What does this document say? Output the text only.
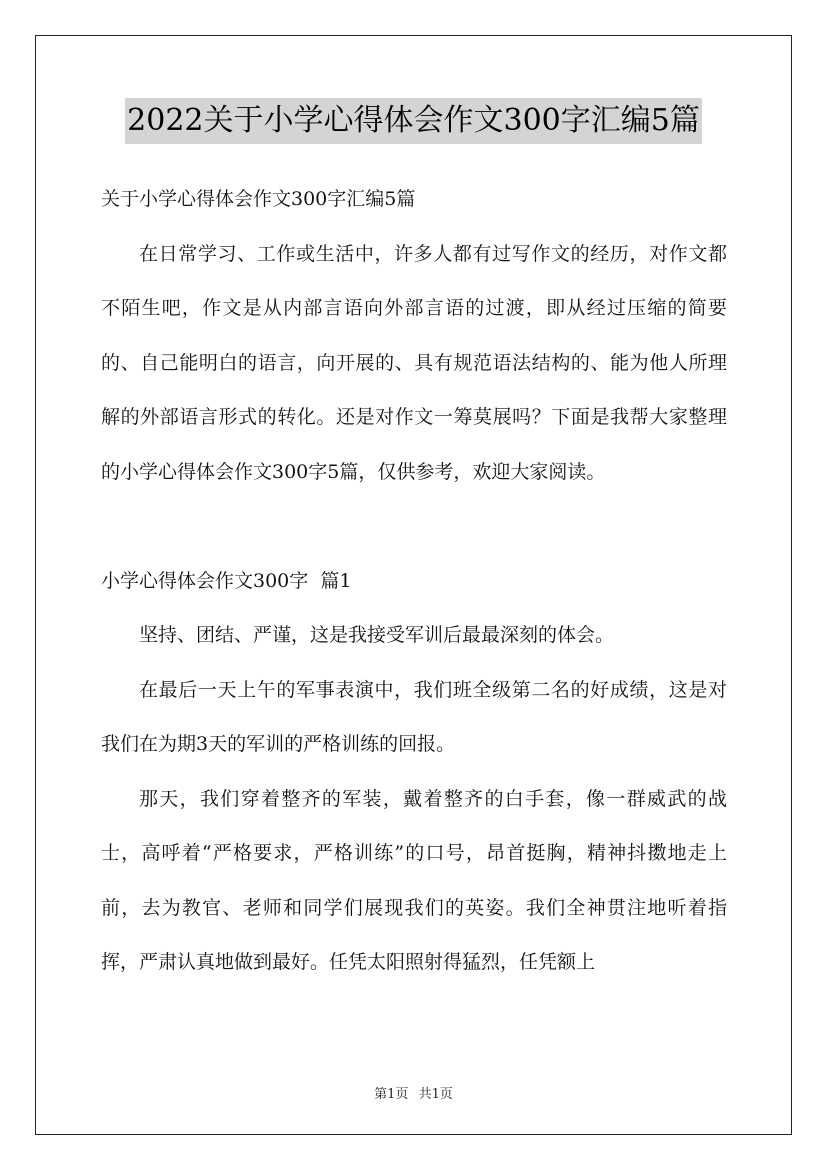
2022关于小学心得体会作文300字汇编5篇

关于小学心得体会作文300字汇编5篇

在日常学习、工作或生活中，许多人都有过写作文的经历，对作文都不陌生吧，作文是从内部言语向外部言语的过渡，即从经过压缩的简要的、自己能明白的语言，向开展的、具有规范语法结构的、能为他人所理解的外部语言形式的转化。还是对作文一筹莫展吗？下面是我帮大家整理的小学心得体会作文300字5篇，仅供参考，欢迎大家阅读。

小学心得体会作文300字  篇1

坚持、团结、严谨，这是我接受军训后最最深刻的体会。

在最后一天上午的军事表演中，我们班全级第二名的好成绩，这是对我们在为期3天的军训的严格训练的回报。

那天，我们穿着整齐的军装，戴着整齐的白手套，像一群威武的战士，高呼着“严格要求，严格训练”的口号，昂首挺胸，精神抖擞地走上前，去为教官、老师和同学们展现我们的英姿。我们全神贯注地听着指挥，严肃认真地做到最好。任凭太阳照射得猛烈，任凭额上

第1页 共1页
